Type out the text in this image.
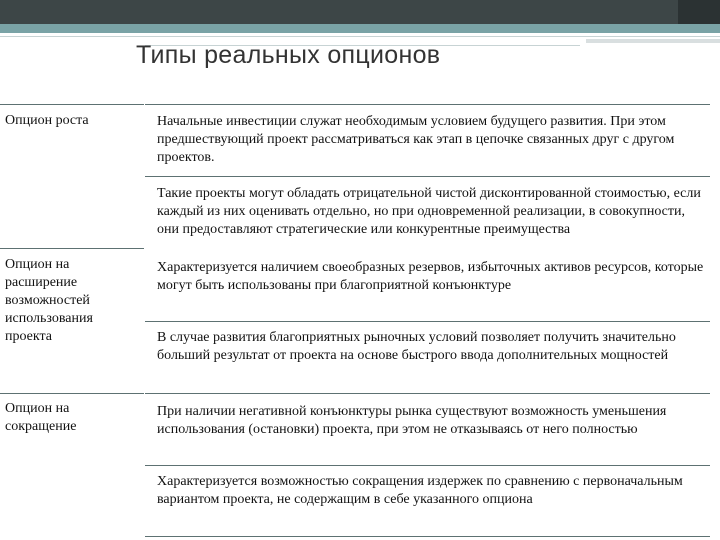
Типы реальных опционов
Опцион роста	Начальные инвестиции служат необходимым условием будущего развития. При этом предшествующий проект рассматриваться как этап в цепочке связанных друг с другом проектов.
Такие проекты могут обладать отрицательной чистой дисконтированной стоимостью, если каждый из них оценивать отдельно, но при одновременной реализации, в совокупности, они предоставляют стратегические или конкурентные преимущества
Опцион на расширение возможностей использования проекта
Характеризуется наличием своеобразных резервов, избыточных активов ресурсов, которые могут быть использованы при благоприятной конъюнктуре
В случае развития благоприятных рыночных условий позволяет получить значительно больший результат от проекта на основе быстрого ввода дополнительных мощностей
Опцион на сокращение
При наличии негативной конъюнктуры рынка существуют возможность уменьшения использования (остановки) проекта, при этом не отказываясь от него полностью
Характеризуется возможностью сокращения издержек по сравнению с первоначальным вариантом проекта, не содержащим в себе указанного опциона
